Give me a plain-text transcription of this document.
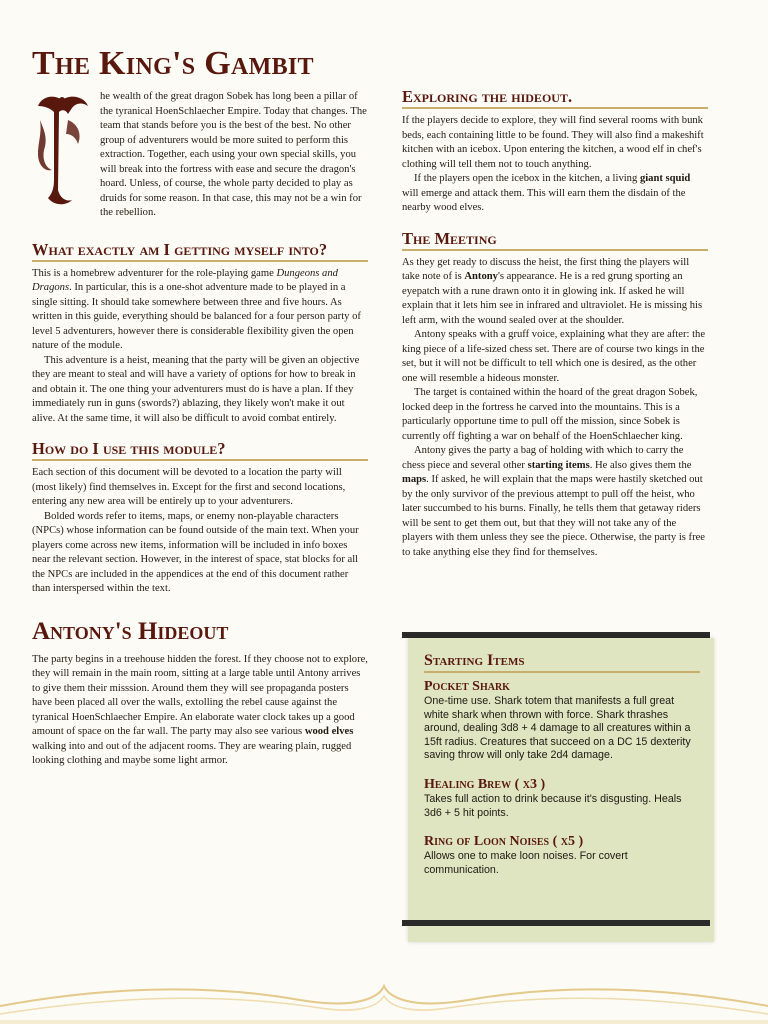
The King's Gambit
he wealth of the great dragon Sobek has long been a pillar of the tyranical HoenSchlaecher Empire. Today that changes. The team that stands before you is the best of the best. No other group of adventurers would be more suited to perform this extraction. Together, each using your own special skills, you will break into the fortress with ease and secure the dragon's hoard. Unless, of course, the whole party decided to play as druids for some reason. In that case, this may not be a win for the rebellion.
What exactly am I getting myself into?

This is a homebrew adventurer for the role-playing game Dungeons and Dragons. In particular, this is a one-shot adventure made to be played in a single sitting. It should take somewhere between three and five hours. As written in this guide, everything should be balanced for a four person party of level 5 adventurers, however there is considerable flexibility given the open nature of the module.

This adventure is a heist, meaning that the party will be given an objective they are meant to steal and will have a variety of options for how to break in and obtain it. The one thing your adventurers must do is have a plan. If they immediately run in guns (swords?) ablazing, they likely won't make it out alive. At the same time, it will also be difficult to avoid combat entirely.

How do I use this module?

Each section of this document will be devoted to a location the party will (most likely) find themselves in. Except for the first and second locations, entering any new area will be entirely up to your adventurers.

Bolded words refer to items, maps, or enemy non-playable characters (NPCs) whose information can be found outside of the main text. When your players come across new items, information will be included in info boxes near the relevant section. However, in the interest of space, stat blocks for all the NPCs are included in the appendices at the end of this document rather than interspersed within the text.

Antony's Hideout

The party begins in a treehouse hidden the forest. If they choose not to explore, they will remain in the main room, sitting at a large table until Antony arrives to give them their misssion. Around them they will see propaganda posters have been placed all over the walls, extolling the rebel cause against the tyranical HoenSchlaecher Empire. An elaborate water clock takes up a good amount of space on the far wall. The party may also see various wood elves walking into and out of the adjacent rooms. They are wearing plain, rugged looking clothing and maybe some light armor.

Exploring the hideout.

If the players decide to explore, they will find several rooms with bunk beds, each containing little to be found. They will also find a makeshift kitchen with an icebox. Upon entering the kitchen, a wood elf in chef's clothing will tell them not to touch anything.

If the players open the icebox in the kitchen, a living giant squid will emerge and attack them. This will earn them the disdain of the nearby wood elves.

The Meeting

As they get ready to discuss the heist, the first thing the players will take note of is Antony's appearance. He is a red grung sporting an eyepatch with a rune drawn onto it in glowing ink. If asked he will explain that it lets him see in infrared and ultraviolet. He is missing his left arm, with the wound sealed over at the shoulder.

Antony speaks with a gruff voice, explaining what they are after: the king piece of a life-sized chess set. There are of course two kings in the set, but it will not be difficult to tell which one is desired, as the other one will resemble a hideous monster.

The target is contained within the hoard of the great dragon Sobek, locked deep in the fortress he carved into the mountains. This is a particularly opportune time to pull off the mission, since Sobek is currently off fighting a war on behalf of the HoenSchlaecher king.

Antony gives the party a bag of holding with which to carry the chess piece and several other starting items. He also gives them the maps. If asked, he will explain that the maps were hastily sketched out by the only survivor of the previous attempt to pull off the heist, who later succumbed to his burns. Finally, he tells them that getaway riders will be sent to get them out, but that they will not take any of the players with them unless they see the piece. Otherwise, the party is free to take anything else they find for themselves.

Starting Items
Pocket Shark

One-time use. Shark totem that manifests a full great white shark when thrown with force. Shark thrashes around, dealing 3d8 + 4 damage to all creatures within a 15ft radius. Creatures that succeed on a DC 15 dexterity saving throw will only take 2d4 damage.

Healing Brew ( x3 )

Takes full action to drink because it's disgusting. Heals 3d6 + 5 hit points.

Ring of Loon Noises ( x5 )

Allows one to make loon noises. For covert communication.
